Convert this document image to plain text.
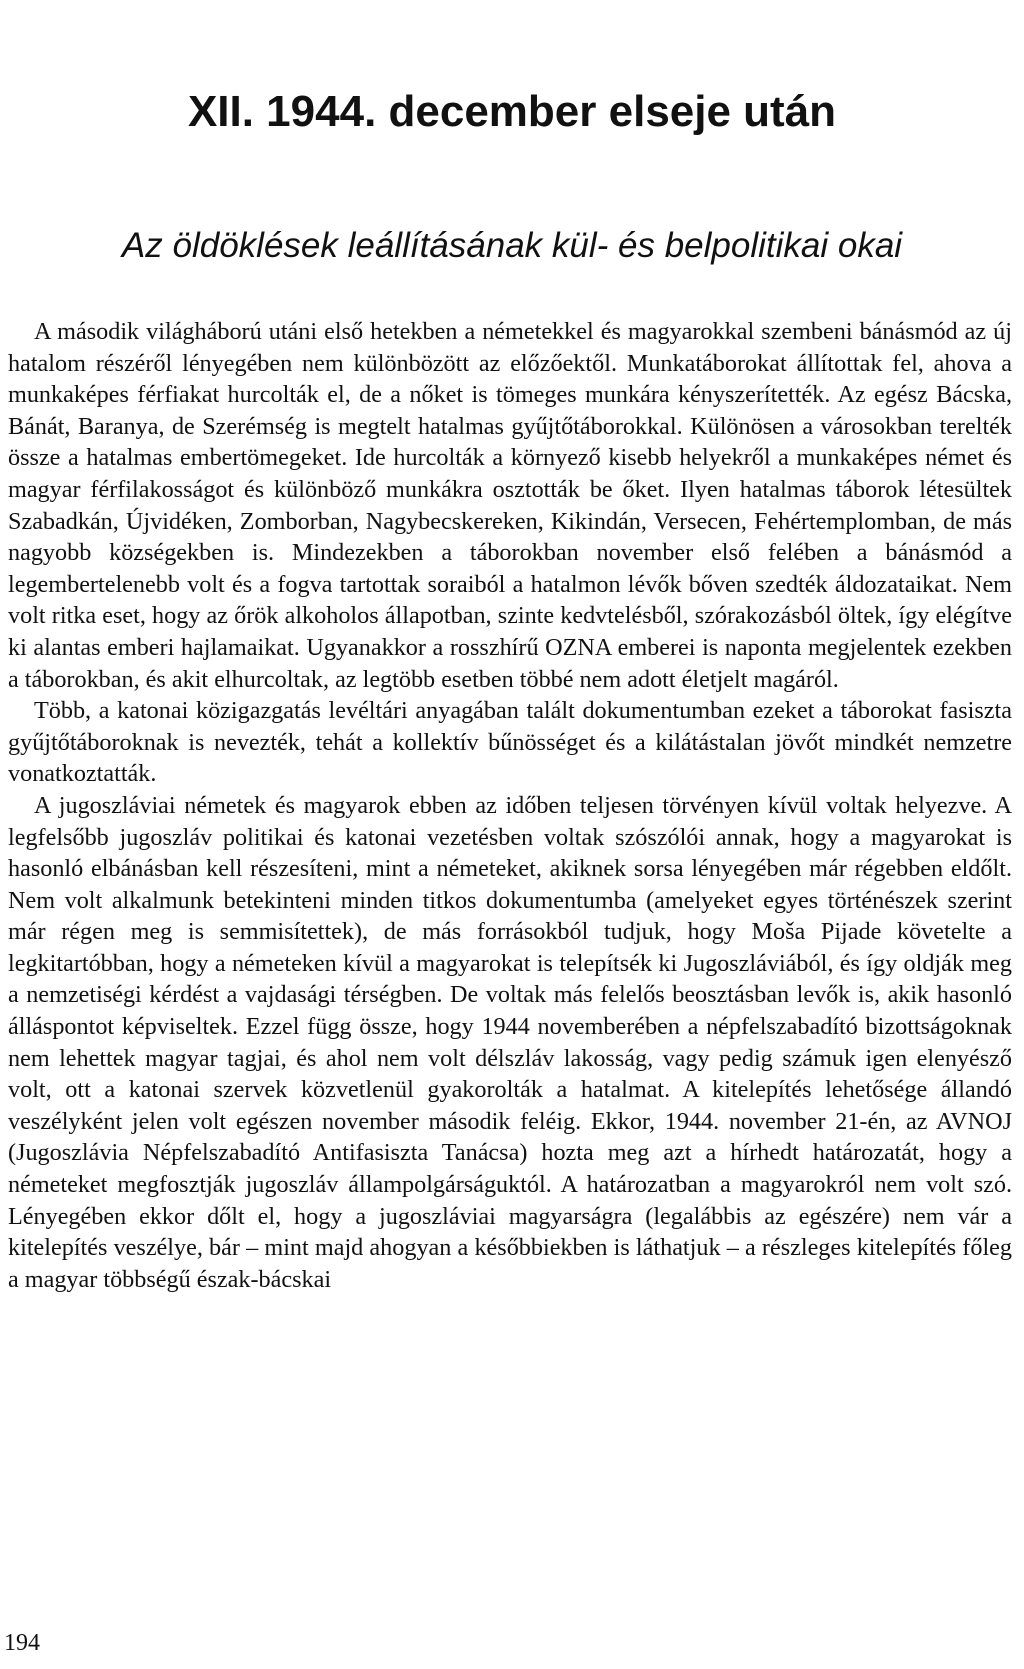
XII. 1944. december elseje után
Az öldöklések leállításának kül- és belpolitikai okai

A második világháború utáni első hetekben a németekkel és magyarokkal szembeni bánásmód az új hatalom részéről lényegében nem különbözött az előzőektől. Munkatáborokat állítottak fel, ahova a munkaképes férfiakat hurcolták el, de a nőket is tömeges munkára kényszerítették. Az egész Bácska, Bánát, Baranya, de Szerémség is megtelt hatalmas gyűjtőtáborokkal. Különösen a városokban terelték össze a hatalmas embertömegeket. Ide hurcolták a környező kisebb helyekről a munkaképes német és magyar férfilakosságot és különböző munkákra osztották be őket. Ilyen hatalmas táborok létesültek Szabadkán, Újvidéken, Zomborban, Nagybecskereken, Kikindán, Versecen, Fehértemplomban, de más nagyobb községekben is. Mindezekben a táborokban november első felében a bánásmód a legembertelenebb volt és a fogva tartottak soraiból a hatalmon lévők bőven szedték áldozataikat. Nem volt ritka eset, hogy az őrök alkoholos állapotban, szinte kedvtelésből, szórakozásból öltek, így elégítve ki alantas emberi hajlamaikat. Ugyanakkor a rosszhírű OZNA emberei is naponta megjelentek ezekben a táborokban, és akit elhurcoltak, az legtöbb esetben többé nem adott életjelt magáról.

Több, a katonai közigazgatás levéltári anyagában talált dokumentumban ezeket a táborokat fasiszta gyűjtőtáboroknak is nevezték, tehát a kollektív bűnösséget és a kilátástalan jövőt mindkét nemzetre vonatkoztatták.

A jugoszláviai németek és magyarok ebben az időben teljesen törvényen kívül voltak helyezve. A legfelsőbb jugoszláv politikai és katonai vezetésben voltak szószólói annak, hogy a magyarokat is hasonló elbánásban kell részesíteni, mint a németeket, akiknek sorsa lényegében már régebben eldőlt. Nem volt alkalmunk betekinteni minden titkos dokumentumba (amelyeket egyes történészek szerint már régen meg is semmisítettek), de más forrásokból tudjuk, hogy Moša Pijade követelte a legkitartóbban, hogy a németeken kívül a magyarokat is telepítsék ki Jugoszláviából, és így oldják meg a nemzetiségi kérdést a vajdasági térségben. De voltak más felelős beosztásban levők is, akik hasonló álláspontot képviseltek. Ezzel függ össze, hogy 1944 novemberében a népfelszabadító bizottságoknak nem lehettek magyar tagjai, és ahol nem volt délszláv lakosság, vagy pedig számuk igen elenyésző volt, ott a katonai szervek közvetlenül gyakorolták a hatalmat. A kitelepítés lehetősége állandó veszélyként jelen volt egészen november második feléig. Ekkor, 1944. november 21-én, az AVNOJ (Jugoszlávia Népfelszabadító Antifasiszta Tanácsa) hozta meg azt a hírhedt határozatát, hogy a németeket megfosztják jugoszláv állampolgárságuktól. A határozatban a magyarokról nem volt szó. Lényegében ekkor dőlt el, hogy a jugoszláviai magyarságra (legalábbis az egészére) nem vár a kitelepítés veszélye, bár – mint majd ahogyan a későbbiekben is láthatjuk – a részleges kitelepítés főleg a magyar többségű észak-bácskai

194
